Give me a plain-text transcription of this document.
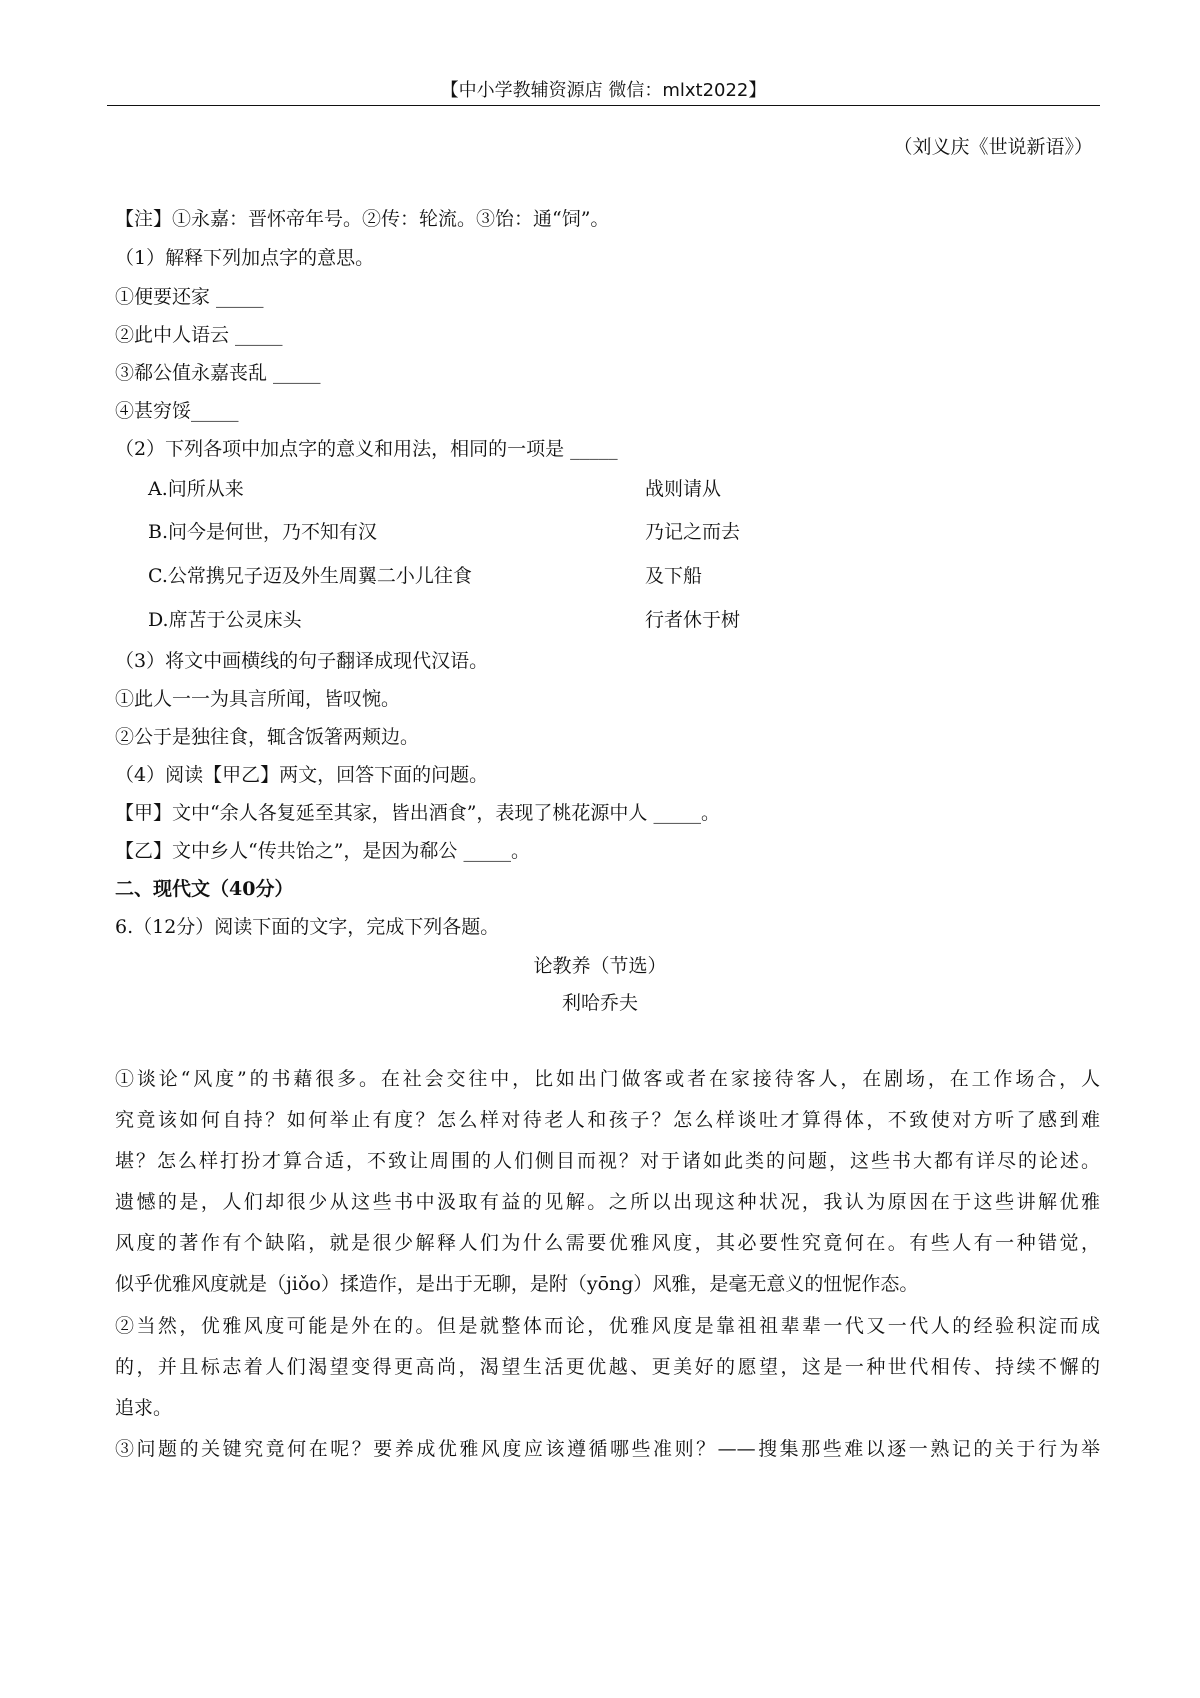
【中小学教辅资源店 微信：mlxt2022】
（刘义庆《世说新语》）
【注】①永嘉：晋怀帝年号。②传：轮流。③饴：通“饲”。
（1）解释下列加点字的意思。
①便要还家 _____
②此中人语云 _____
③郗公值永嘉丧乱 _____
④甚穷馁_____
（2）下列各项中加点字的意义和用法，相同的一项是 _____
A.问所从来	战则请从
B.问今是何世，乃不知有汉	乃记之而去
C.公常携兄子迈及外生周翼二小儿往食	及下船
D.席苫于公灵床头	行者休于树
（3）将文中画横线的句子翻译成现代汉语。
①此人一一为具言所闻，皆叹惋。
②公于是独往食，辄含饭箸两颊边。
（4）阅读【甲乙】两文，回答下面的问题。
【甲】文中“余人各复延至其家，皆出酒食”，表现了桃花源中人 _____。
【乙】文中乡人“传共饴之”，是因为郗公 _____。
二、现代文（40分）
6.（12分）阅读下面的文字，完成下列各题。
论教养（节选）
利哈乔夫
①谈论“风度”的书藉很多。在社会交往中，比如出门做客或者在家接待客人，在剧场，在工作场合，人
究竟该如何自持？如何举止有度？怎么样对待老人和孩子？怎么样谈吐才算得体，不致使对方听了感到难
堪？怎么样打扮才算合适，不致让周围的人们侧目而视？对于诸如此类的问题，这些书大都有详尽的论述。
遗憾的是，人们却很少从这些书中汲取有益的见解。之所以出现这种状况，我认为原因在于这些讲解优雅
风度的著作有个缺陷，就是很少解释人们为什么需要优雅风度，其必要性究竟何在。有些人有一种错觉，
似乎优雅风度就是（jiǒo）揉造作，是出于无聊，是附（yōng）风雅，是毫无意义的忸怩作态。
②当然，优雅风度可能是外在的。但是就整体而论，优雅风度是靠祖祖辈辈一代又一代人的经验积淀而成
的，并且标志着人们渴望变得更高尚，渴望生活更优越、更美好的愿望，这是一种世代相传、持续不懈的
追求。
③问题的关键究竟何在呢？要养成优雅风度应该遵循哪些准则？——搜集那些难以逐一熟记的关于行为举
